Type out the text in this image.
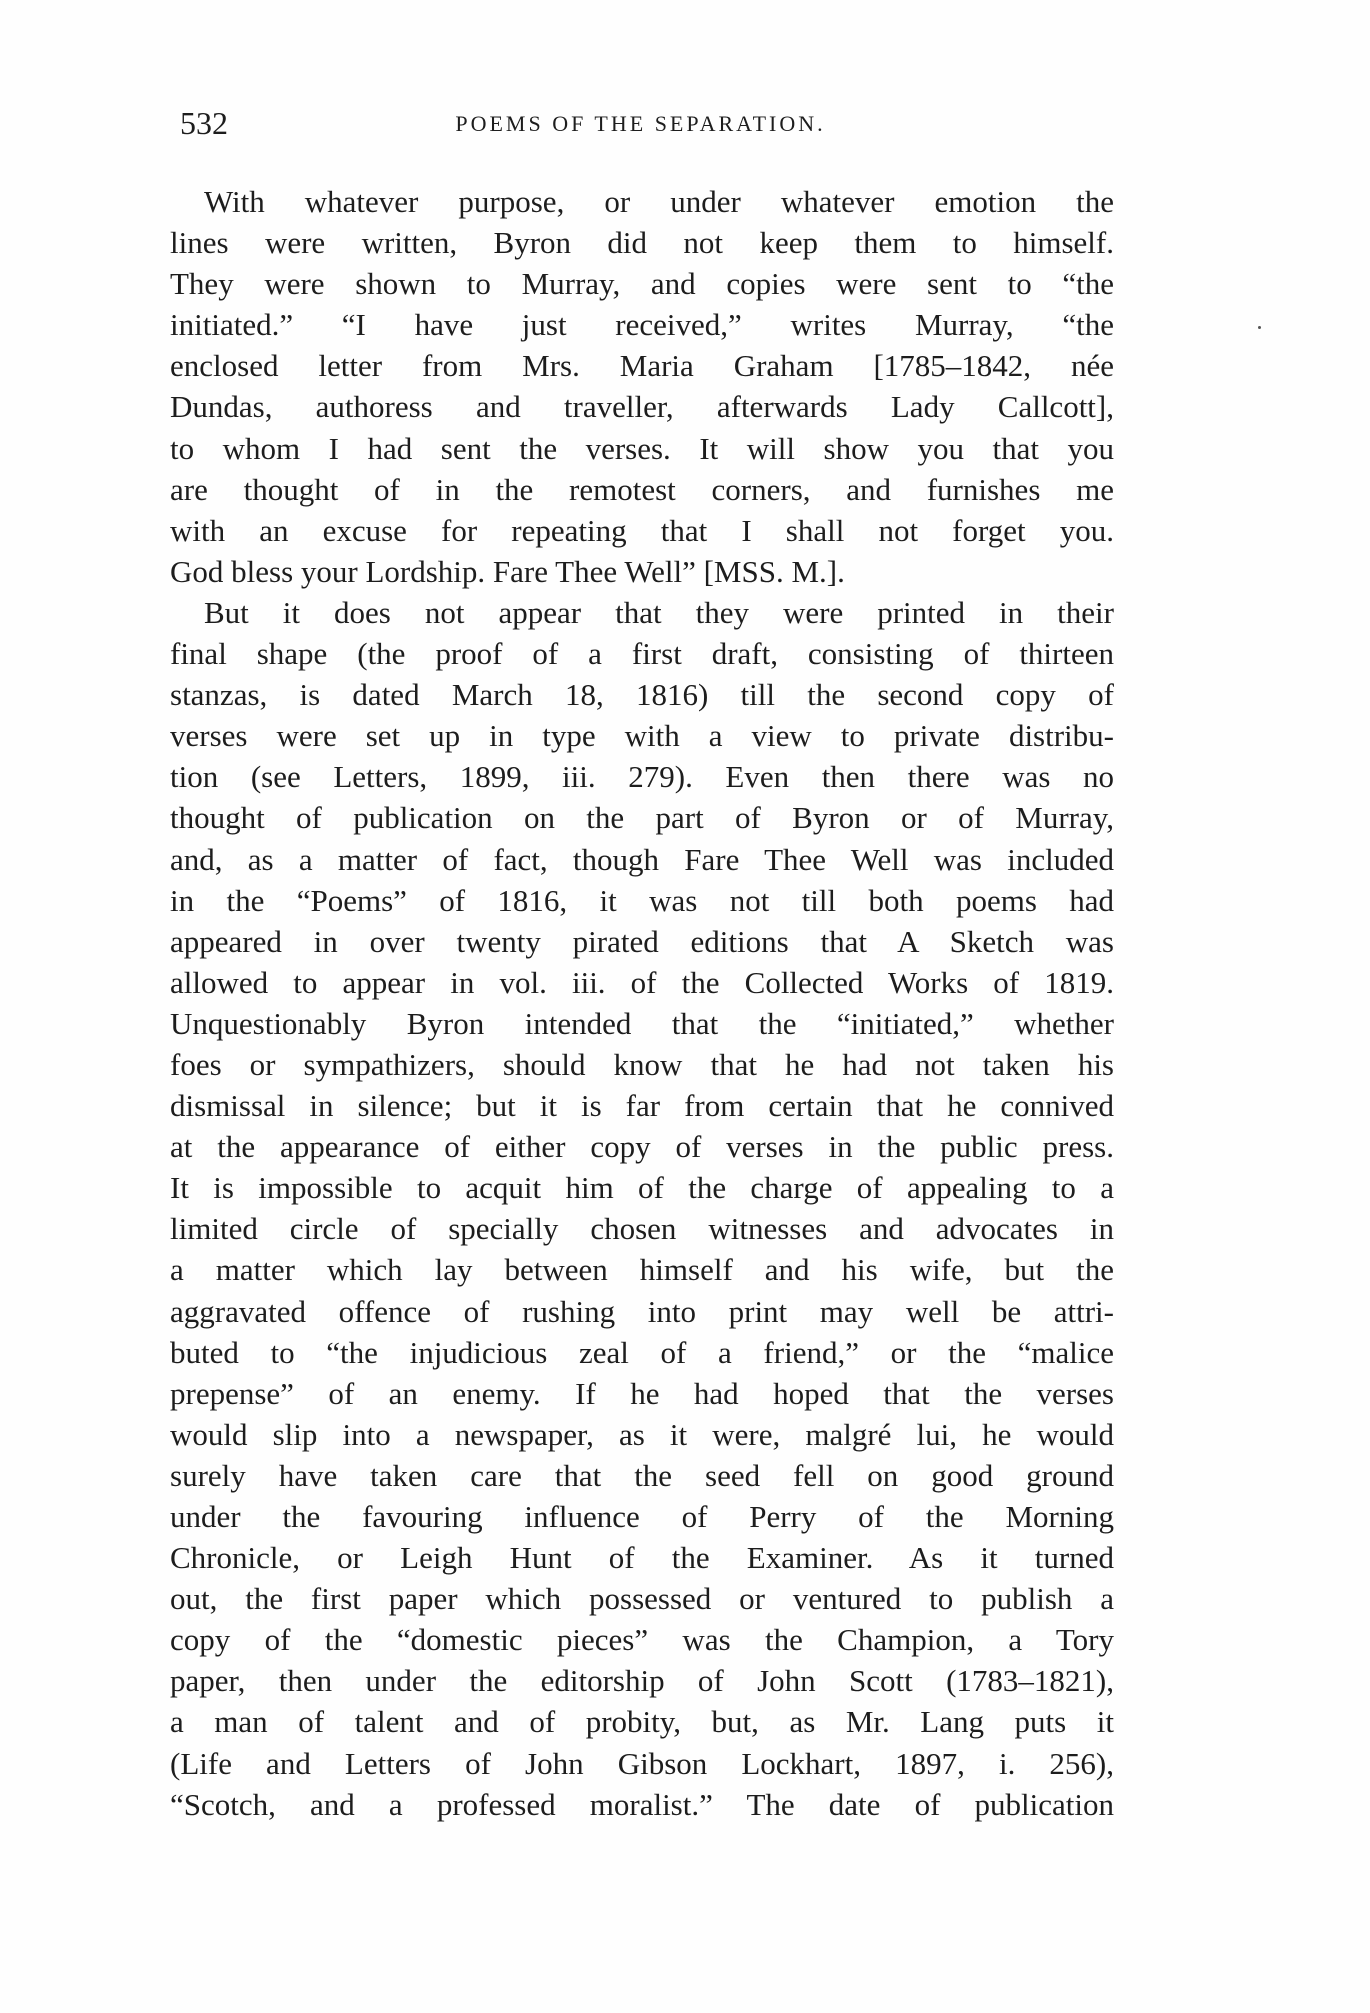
532	POEMS OF THE SEPARATION.

With whatever purpose, or under whatever emotion the
lines were written, Byron did not keep them to himself.
They were shown to Murray, and copies were sent to “the
initiated.” “I have just received,” writes Murray, “the
enclosed letter from Mrs. Maria Graham [1785–1842, née
Dundas, authoress and traveller, afterwards Lady Callcott],
to whom I had sent the verses. It will show you that you
are thought of in the remotest corners, and furnishes me
with an excuse for repeating that I shall not forget you.
God bless your Lordship. Fare Thee Well” [MSS. M.].

But it does not appear that they were printed in their
final shape (the proof of a first draft, consisting of thirteen
stanzas, is dated March 18, 1816) till the second copy of
verses were set up in type with a view to private distribu-
tion (see Letters, 1899, iii. 279). Even then there was no
thought of publication on the part of Byron or of Murray,
and, as a matter of fact, though Fare Thee Well was included
in the “Poems” of 1816, it was not till both poems had
appeared in over twenty pirated editions that A Sketch was
allowed to appear in vol. iii. of the Collected Works of 1819.
Unquestionably Byron intended that the “initiated,” whether
foes or sympathizers, should know that he had not taken his
dismissal in silence; but it is far from certain that he connived
at the appearance of either copy of verses in the public press.
It is impossible to acquit him of the charge of appealing to a
limited circle of specially chosen witnesses and advocates in
a matter which lay between himself and his wife, but the
aggravated offence of rushing into print may well be attri-
buted to “the injudicious zeal of a friend,” or the “malice
prepense” of an enemy. If he had hoped that the verses
would slip into a newspaper, as it were, malgré lui, he would
surely have taken care that the seed fell on good ground
under the favouring influence of Perry of the Morning
Chronicle, or Leigh Hunt of the Examiner. As it turned
out, the first paper which possessed or ventured to publish a
copy of the “domestic pieces” was the Champion, a Tory
paper, then under the editorship of John Scott (1783–1821),
a man of talent and of probity, but, as Mr. Lang puts it
(Life and Letters of John Gibson Lockhart, 1897, i. 256),
“Scotch, and a professed moralist.” The date of publication
